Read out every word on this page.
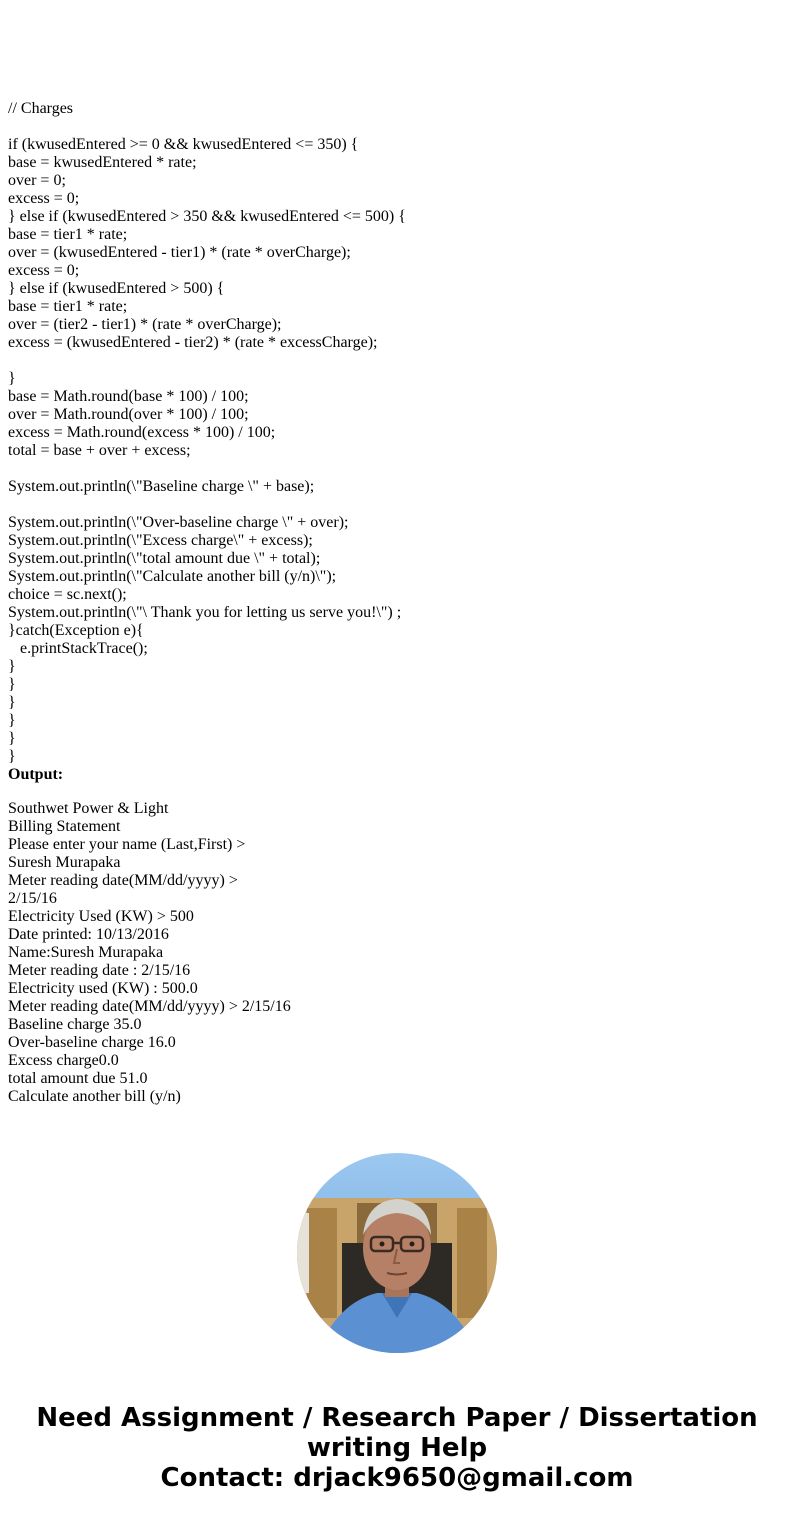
// Charges
if (kwusedEntered >= 0 && kwusedEntered <= 350) {
base = kwusedEntered * rate;
over = 0;
excess = 0;
} else if (kwusedEntered > 350 && kwusedEntered <= 500) {
base = tier1 * rate;
over = (kwusedEntered - tier1) * (rate * overCharge);
excess = 0;
} else if (kwusedEntered > 500) {
base = tier1 * rate;
over = (tier2 - tier1) * (rate * overCharge);
excess = (kwusedEntered - tier2) * (rate * excessCharge);
}
base = Math.round(base * 100) / 100;
over = Math.round(over * 100) / 100;
excess = Math.round(excess * 100) / 100;
total = base + over + excess;
System.out.println(\"Baseline charge \" + base);
System.out.println(\"Over-baseline charge \" + over);
System.out.println(\"Excess charge\" + excess);
System.out.println(\"total amount due \" + total);
System.out.println(\"Calculate another bill (y/n)\");
choice = sc.next();
System.out.println(\"\ Thank you for letting us serve you!\") ;
}catch(Exception e){
e.printStackTrace();
}
}
}
}
}
}
Output:
Southwet Power & Light
Billing Statement
Please enter your name (Last,First) >
Suresh Murapaka
Meter reading date(MM/dd/yyyy) >
2/15/16
Electricity Used (KW) > 500
Date printed: 10/13/2016
Name:Suresh Murapaka
Meter reading date : 2/15/16
Electricity used (KW) : 500.0
Meter reading date(MM/dd/yyyy) > 2/15/16
Baseline charge 35.0
Over-baseline charge 16.0
Excess charge0.0
total amount due 51.0
Calculate another bill (y/n)
Need Assignment / Research Paper / Dissertation
writing Help
Contact: drjack9650@gmail.com
